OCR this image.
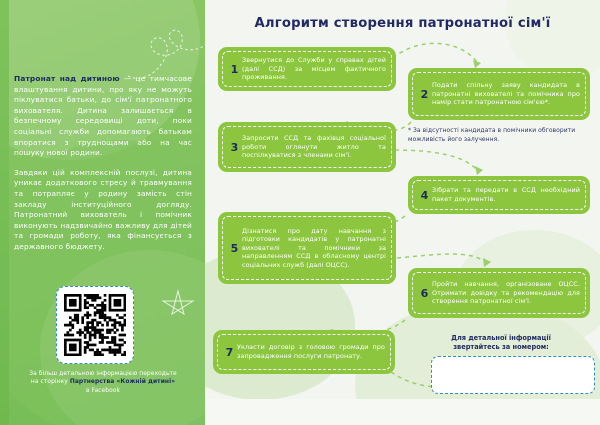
Патронат над дитиною — це тимчасове влаштування дитини, про яку не можуть піклуватися батьки, до сім'ї патронатного вихователя. Дитина залишається в безпечному середовищі доти, поки соціальні служби допомагають батькам впоратися з труднощами або на час пошуку нової родини.

Завдяки цій комплексній послузі, дитина уникає додаткового стресу й травмування та потрапляє у родину замість стін закладу інституційного догляду. Патронатний вихователь і помічник виконують надзвичайно важливу для дітей та громади роботу, яка фінансується з державного бюджету.

За більш детальною інформацією переходьте
на сторінку Партнерства «Кожній дитині»
в Facebook
Алгоритм створення патронатної сім'ї
1
Звернутися до Служби у справах дітей (далі ССД) за місцем фактичного проживання.
2
Подати спільну заяву кандидата в патронатні вихователі та помічника про намір стати патронатною сім'єю*.
3
Запросити ССД та фахівця соціальної роботи оглянути житло та поспілкуватися з членами сім'ї.
4 Зібрати та передати в ССД необхідний пакет документів.
5
Дізнатися про дату навчання з підготовки кандидатів у патронатні вихователі та помічники за направленням ССД в обласному центрі соціальних служб (далі ОЦСС).
6
Пройти навчання, організоване ОЦСС. Отримати довідку та рекомендацію для створення патронатної сім'ї.
7 Укласти договір з головою громади про запровадження послуги патронату.
* За відсутності кандидата в помічники обговорити можливість його залучення.
Для детальної інформації
звертайтесь за номером:
